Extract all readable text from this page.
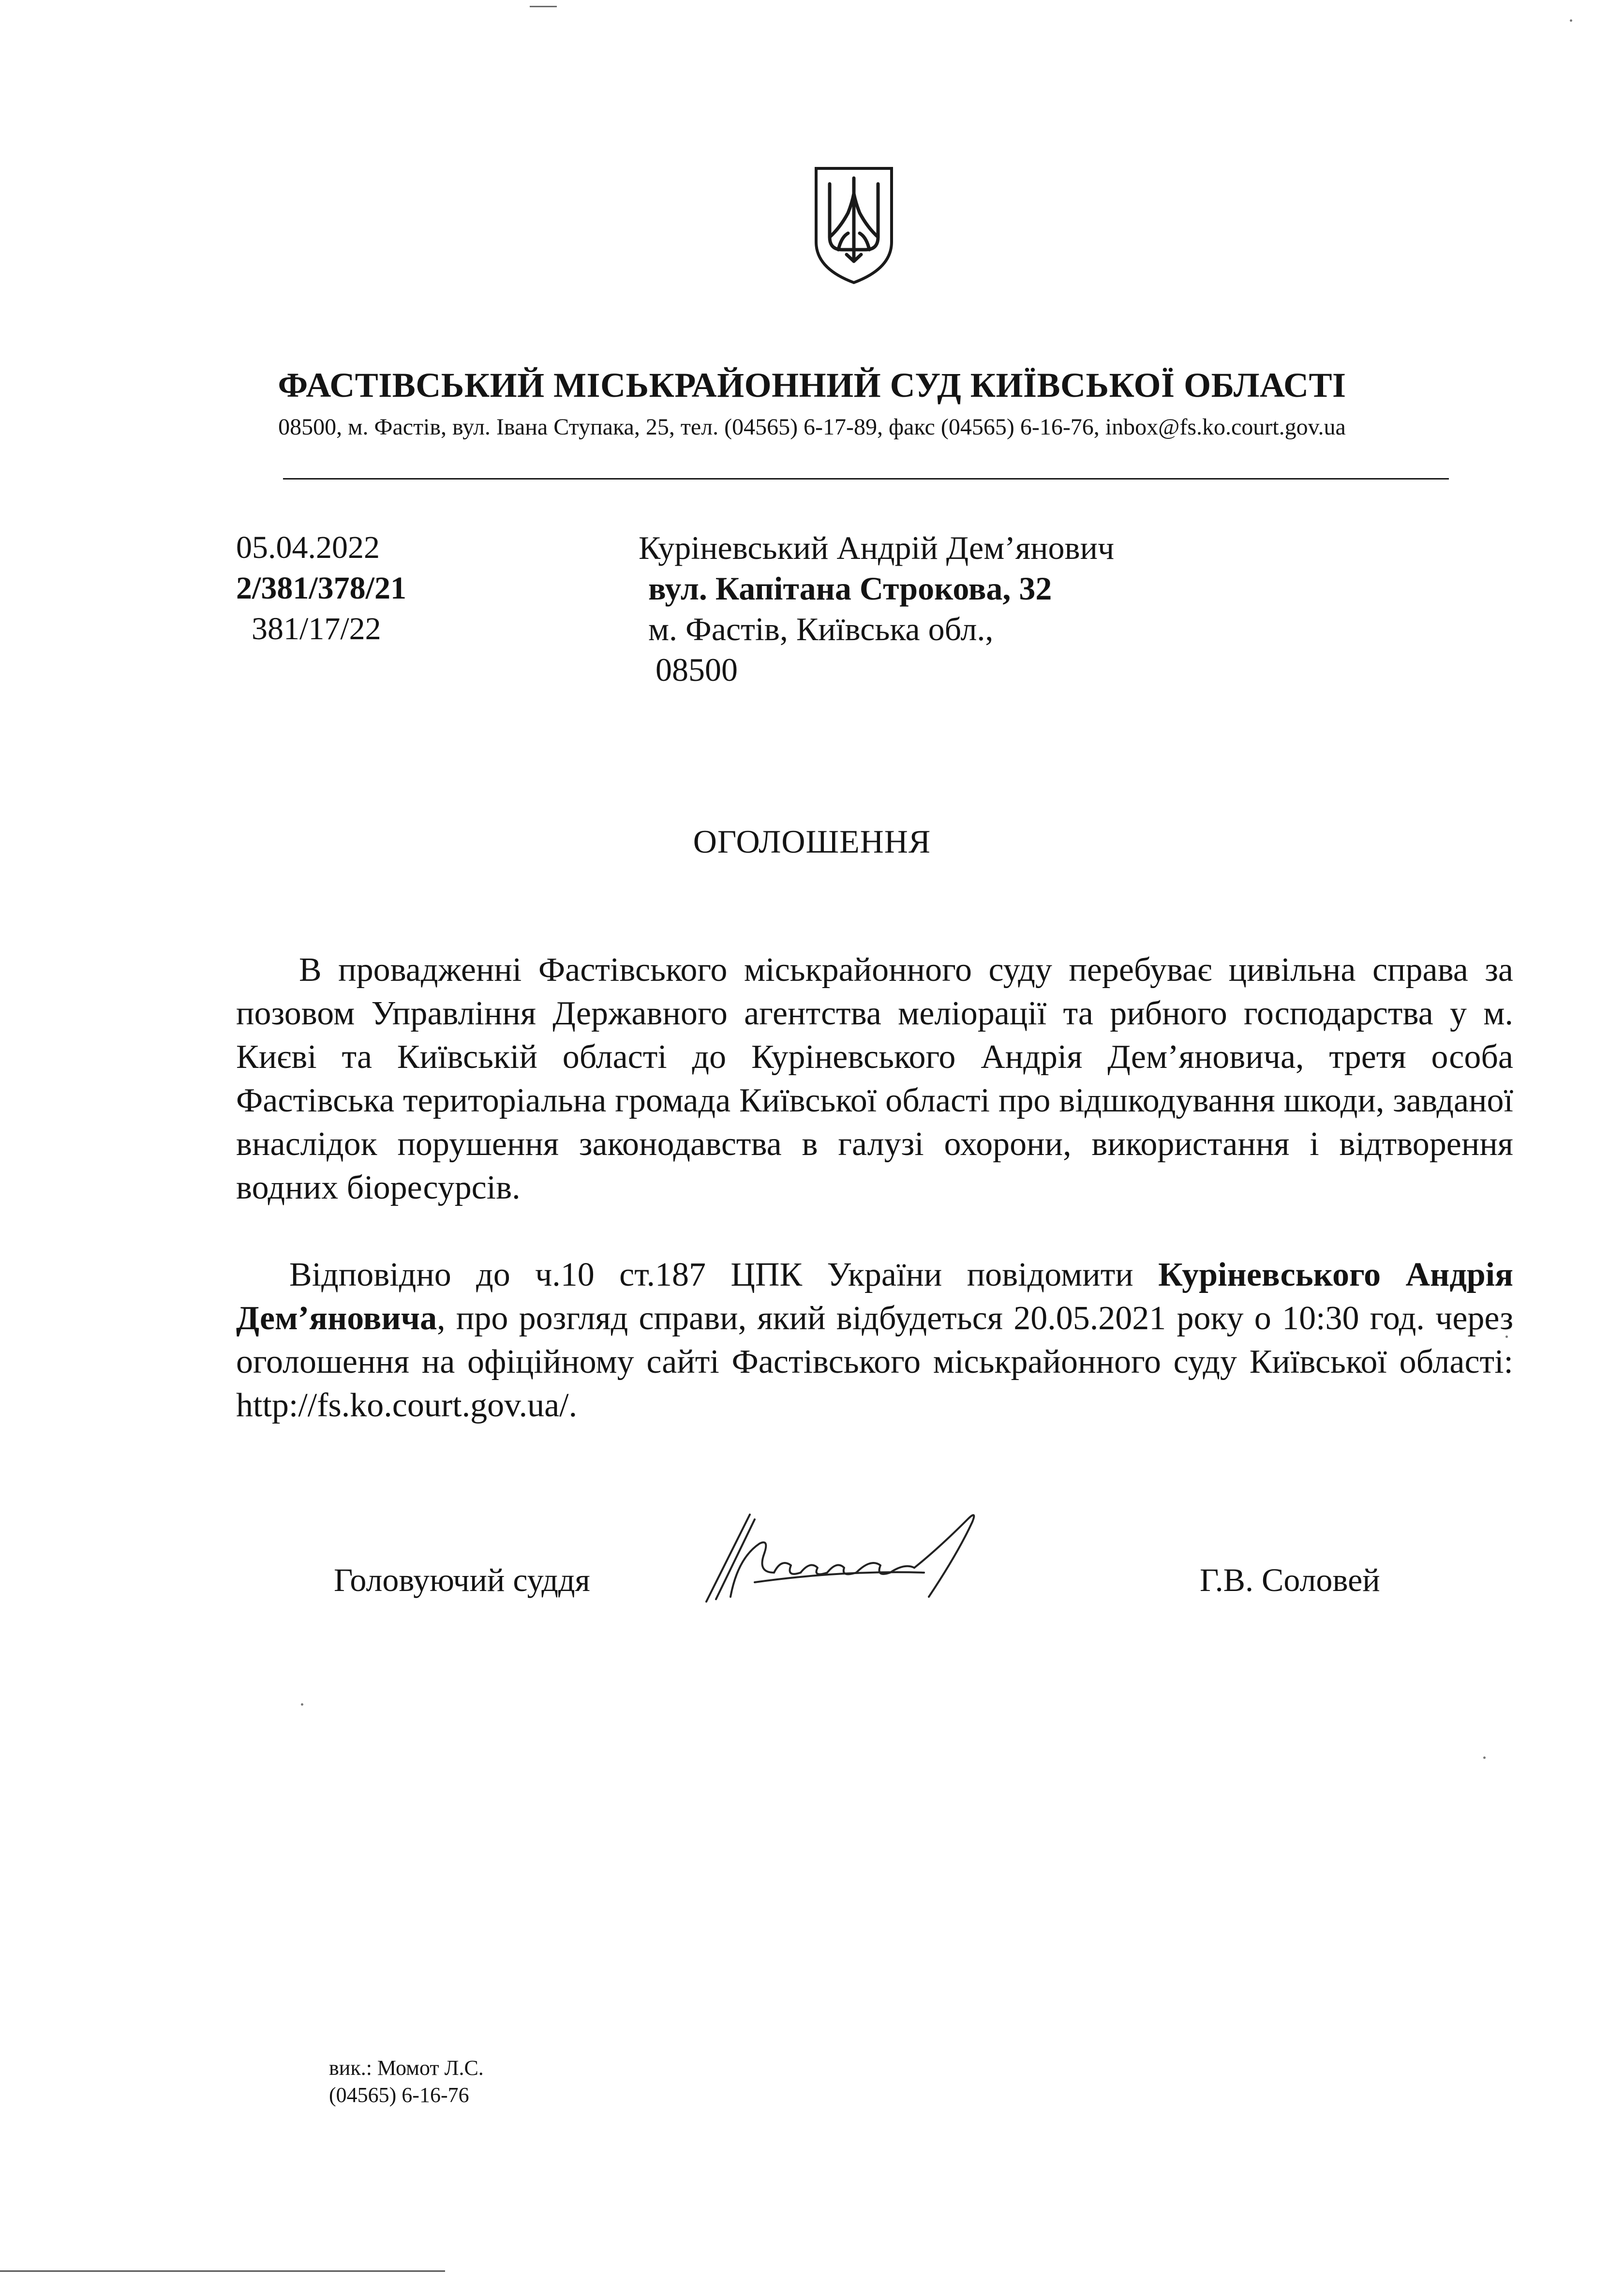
ФАСТІВСЬКИЙ МІСЬКРАЙОННИЙ СУД КИЇВСЬКОЇ ОБЛАСТІ
08500, м. Фастів, вул. Івана Ступака, 25, тел. (04565) 6-17-89, факс (04565) 6-16-76, inbox@fs.ko.court.gov.ua
05.04.2022
2/381/378/21
381/17/22
Куріневський Андрій Дем’янович
вул. Капітана Строкова, 32
м. Фастів, Київська обл.,
08500
ОГОЛОШЕННЯ
В провадженні Фастівського міськрайонного суду перебуває цивільна справа за позовом Управління Державного агентства меліорації та рибного господарства у м. Києві та Київській області до Куріневського Андрія Дем’яновича, третя особа Фастівська територіальна громада Київської області про відшкодування шкоди, завданої внаслідок порушення законодавства в галузі охорони, використання і відтворення водних біоресурсів.
Відповідно до ч.10 ст.187 ЦПК України повідомити Куріневського Андрія Дем’яновича, про розгляд справи, який відбудеться 20.05.2021 року о 10:30 год. через оголошення на офіційному сайті Фастівського міськрайонного суду Київської області: http://fs.ko.court.gov.ua/.
Головуючий суддя	Г.В. Соловей
вик.: Момот Л.С.
(04565) 6-16-76
